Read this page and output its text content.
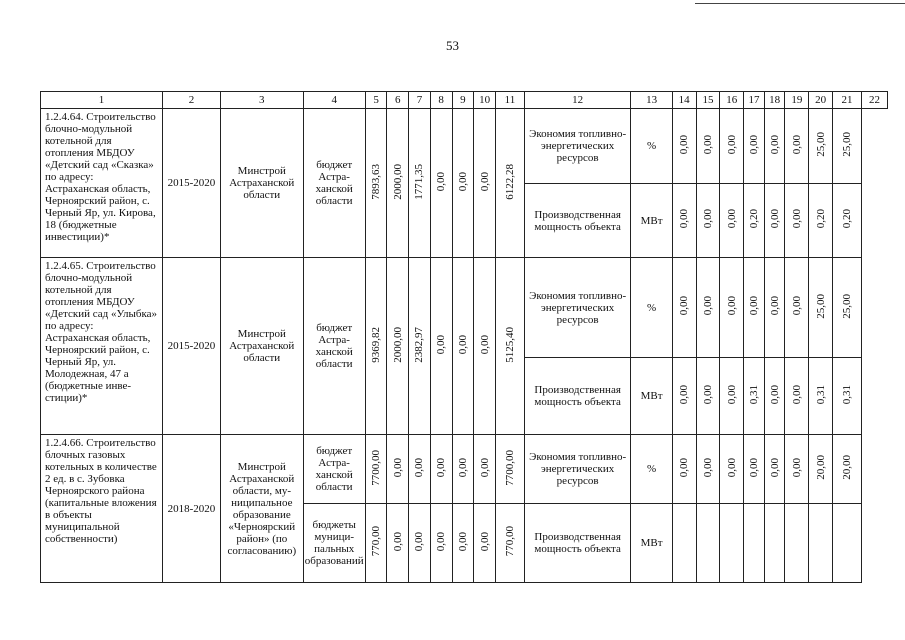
53
1	2	3	4	5	6	7	8	9	10	11	12	13	14	15	16	17	18	19	20	21	22
1.2.4.64. Строительство блочно-модульной котельной для отопления МБДОУ «Детский сад «Сказка» по адресу: Астраханская область, Черноярский район, с. Черный Яр, ул. Кирова, 18 (бюджетные инвестиции)*	2015-2020	Минстрой Астраханской области	бюджет Астраханской области	7893,63	2000,00	1771,35	0,00	0,00	0,00	6122,28	Экономия топливно-энергетических ресурсов	%	0,00	0,00	0,00	0,00	0,00	0,00	25,00	25,00	
											Производственная мощность объекта	МВт	0,00	0,00	0,00	0,20	0,00	0,00	0,20	0,20	
1.2.4.65. Строительство блочно-модульной котельной для отопления МБДОУ «Детский сад «Улыбка» по адресу: Астраханская область, Черноярский район, с. Черный Яр, ул. Молодежная, 47 а (бюджетные инвестиции)*	2015-2020	Минстрой Астраханской области	бюджет Астраханской области	9369,82	2000,00	2382,97	0,00	0,00	0,00	5125,40	Экономия топливно-энергетических ресурсов	%	0,00	0,00	0,00	0,00	0,00	0,00	25,00	25,00	
											Производственная мощность объекта	МВт	0,00	0,00	0,00	0,31	0,00	0,00	0,31	0,31	
1.2.4.66. Строительство блочных газовых котельных в количестве 2 ед. в с. Зубовка Черноярского района (капитальные вложения в объекты муниципальной собственности)	2018-2020	Минстрой Астраханской области, муниципальное образование «Черноярский район» (по согласованию)	бюджет Астраханской области	7700,00	0,00	0,00	0,00	0,00	0,00	7700,00	Экономия топливно-энергетических ресурсов	%	0,00	0,00	0,00	0,00	0,00	0,00	20,00	20,00	
			бюджеты муниципальных образований	770,00	0,00	0,00	0,00	0,00	0,00	770,00	Производственная мощность объекта	МВт									
